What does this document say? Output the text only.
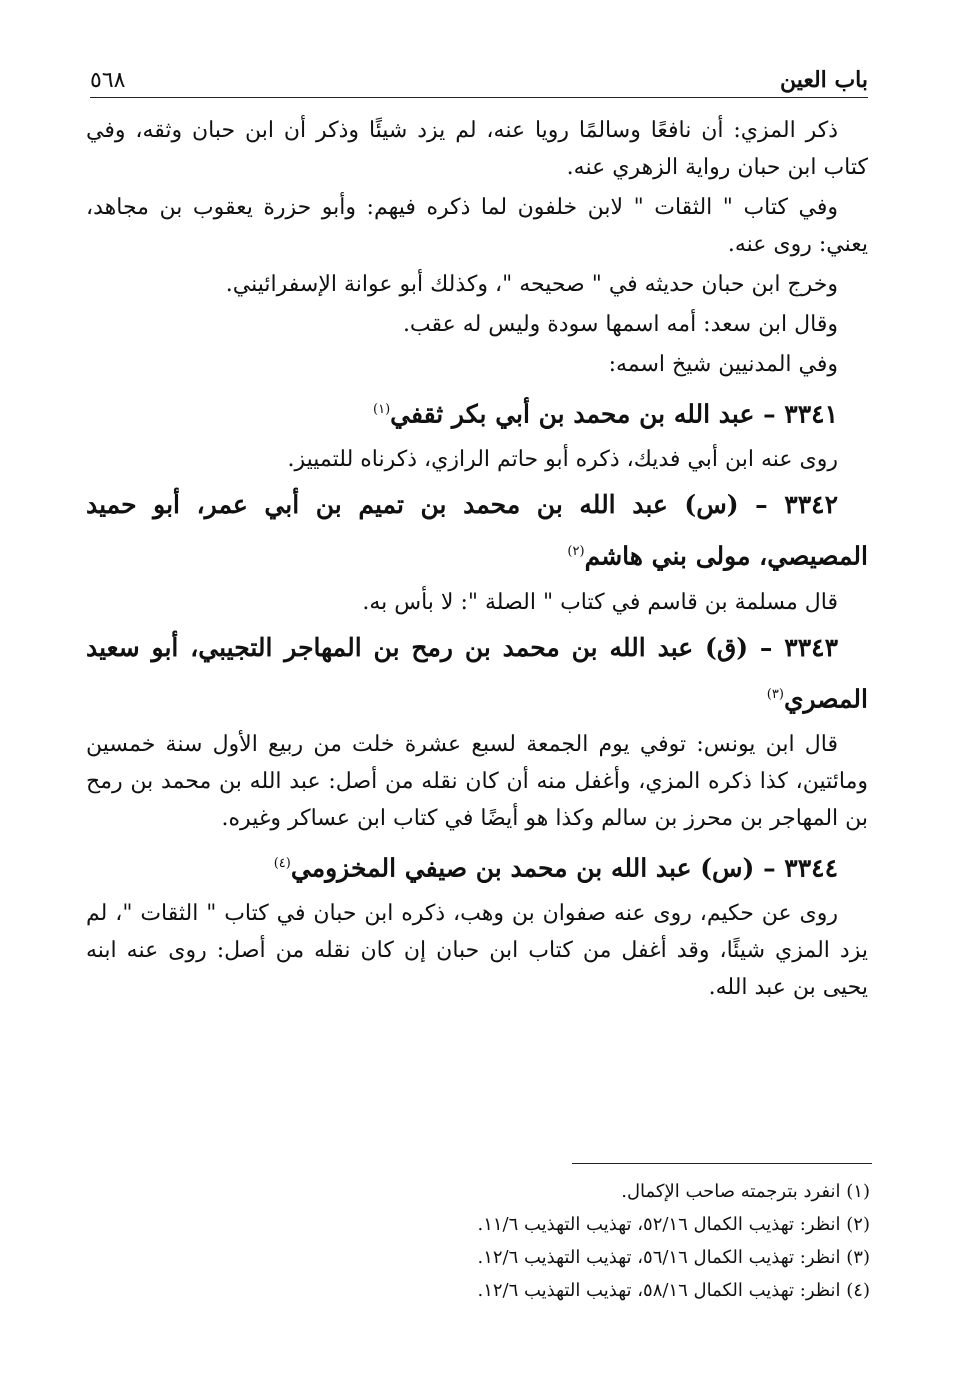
باب العين
٥٦٨

ذكر المزي: أن نافعًا وسالمًا رويا عنه، لم يزد شيئًا وذكر أن ابن حبان وثقه، وفي كتاب ابن حبان رواية الزهري عنه.

وفي كتاب " الثقات " لابن خلفون لما ذكره فيهم: وأبو حزرة يعقوب بن مجاهد، يعني: روى عنه.

وخرج ابن حبان حديثه في " صحيحه "، وكذلك أبو عوانة الإسفرائيني.

وقال ابن سعد: أمه اسمها سودة وليس له عقب.

وفي المدنيين شيخ اسمه:

٣٣٤١ – عبد الله بن محمد بن أبي بكر ثقفي$^{(١)}$

روى عنه ابن أبي فديك، ذكره أبو حاتم الرازي، ذكرناه للتمييز.

٣٣٤٢ – (س) عبد الله بن محمد بن تميم بن أبي عمر، أبو حميد المصيصي، مولى بني هاشم$^{(٢)}$

قال مسلمة بن قاسم في كتاب " الصلة ": لا بأس به.

٣٣٤٣ – (ق) عبد الله بن محمد بن رمح بن المهاجر التجيبي، أبو سعيد المصري$^{(٣)}$

قال ابن يونس: توفي يوم الجمعة لسبع عشرة خلت من ربيع الأول سنة خمسين ومائتين، كذا ذكره المزي، وأغفل منه أن كان نقله من أصل: عبد الله بن محمد بن رمح بن المهاجر بن محرز بن سالم وكذا هو أيضًا في كتاب ابن عساكر وغيره.

٣٣٤٤ – (س) عبد الله بن محمد بن صيفي المخزومي$^{(٤)}$

روى عن حكيم، روى عنه صفوان بن وهب، ذكره ابن حبان في كتاب " الثقات "، لم يزد المزي شيئًا، وقد أغفل من كتاب ابن حبان إن كان نقله من أصل: روى عنه ابنه يحيى بن عبد الله.

(١) انفرد بترجمته صاحب الإكمال.
(٢) انظر: تهذيب الكمال ٥٢/١٦، تهذيب التهذيب ١١/٦.
(٣) انظر: تهذيب الكمال ٥٦/١٦، تهذيب التهذيب ١٢/٦.
(٤) انظر: تهذيب الكمال ٥٨/١٦، تهذيب التهذيب ١٢/٦.
